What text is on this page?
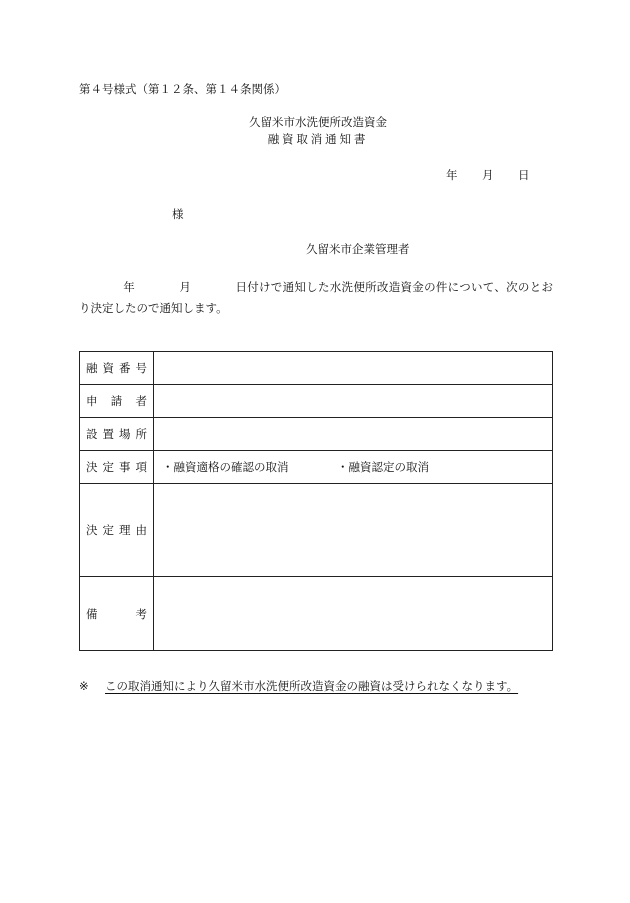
第４号様式（第１２条、第１４条関係）
久留米市水洗便所改造資金
融資取消通知書
年 月 日
様
久留米市企業管理者
年	月	日付けで通知した水洗便所改造資金の件について、次のとおり決定したので通知します。
融 資 番 号	

申 請 者	

設 置 場 所	

決 定 事 項	・融資適格の確認の取消 ・融資認定の取消

決 定 理 由	

備 考	

※ この取消通知により久留米市水洗便所改造資金の融資は受けられなくなります。
